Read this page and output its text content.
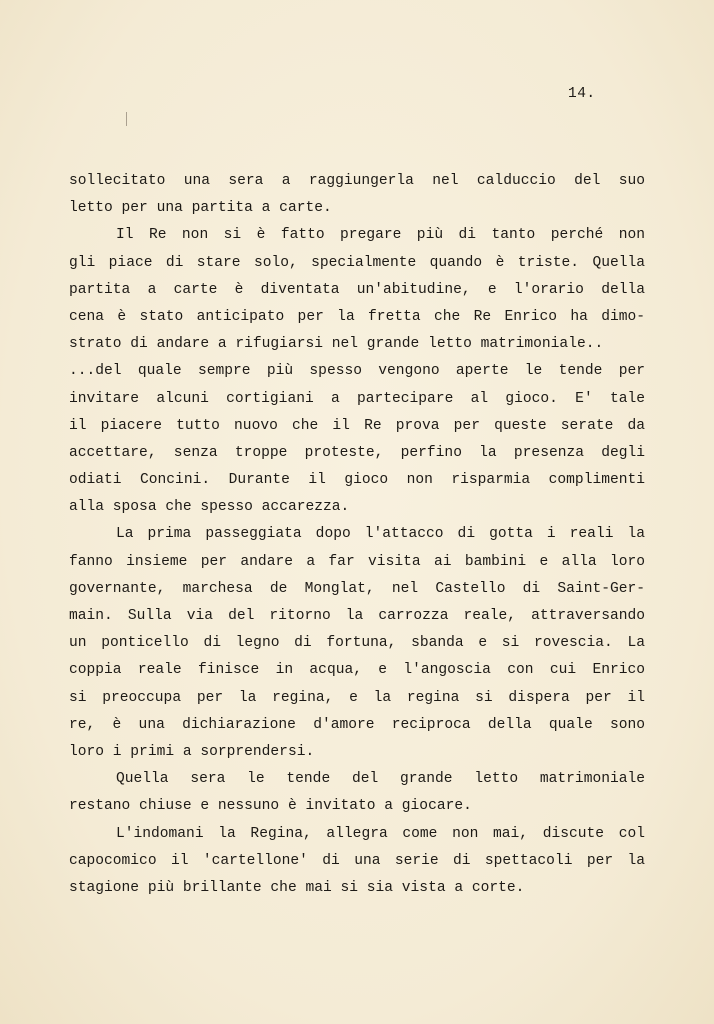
14.
sollecitato una sera a raggiungerla nel calduccio del suo
letto per una partita a carte.
Il Re non si è fatto pregare più di tanto perché non
gli piace di stare solo, specialmente quando è triste. Quella
partita a carte è diventata un'abitudine, e l'orario della
cena è stato anticipato per la fretta che Re Enrico ha dimo-
strato di andare a rifugiarsi nel grande letto matrimoniale..
...del quale sempre più spesso vengono aperte le tende per
invitare alcuni cortigiani a partecipare al gioco. E' tale
il piacere tutto nuovo che il Re prova per queste serate da
accettare, senza troppe proteste, perfino la presenza degli
odiati Concini. Durante il gioco non risparmia complimenti
alla sposa che spesso accarezza.
La prima passeggiata dopo l'attacco di gotta i reali la
fanno insieme per andare a far visita ai bambini e alla loro
governante, marchesa de Monglat, nel Castello di Saint-Ger-
main. Sulla via del ritorno la carrozza reale, attraversando
un ponticello di legno di fortuna, sbanda e si rovescia. La
coppia reale finisce in acqua, e l'angoscia con cui Enrico
si preoccupa per la regina, e la regina si dispera per il
re, è una dichiarazione d'amore reciproca della quale sono
loro i primi a sorprendersi.
Quella sera le tende del grande letto matrimoniale
restano chiuse e nessuno è invitato a giocare.
L'indomani la Regina, allegra come non mai, discute col
capocomico il 'cartellone' di una serie di spettacoli per la
stagione più brillante che mai si sia vista a corte.
